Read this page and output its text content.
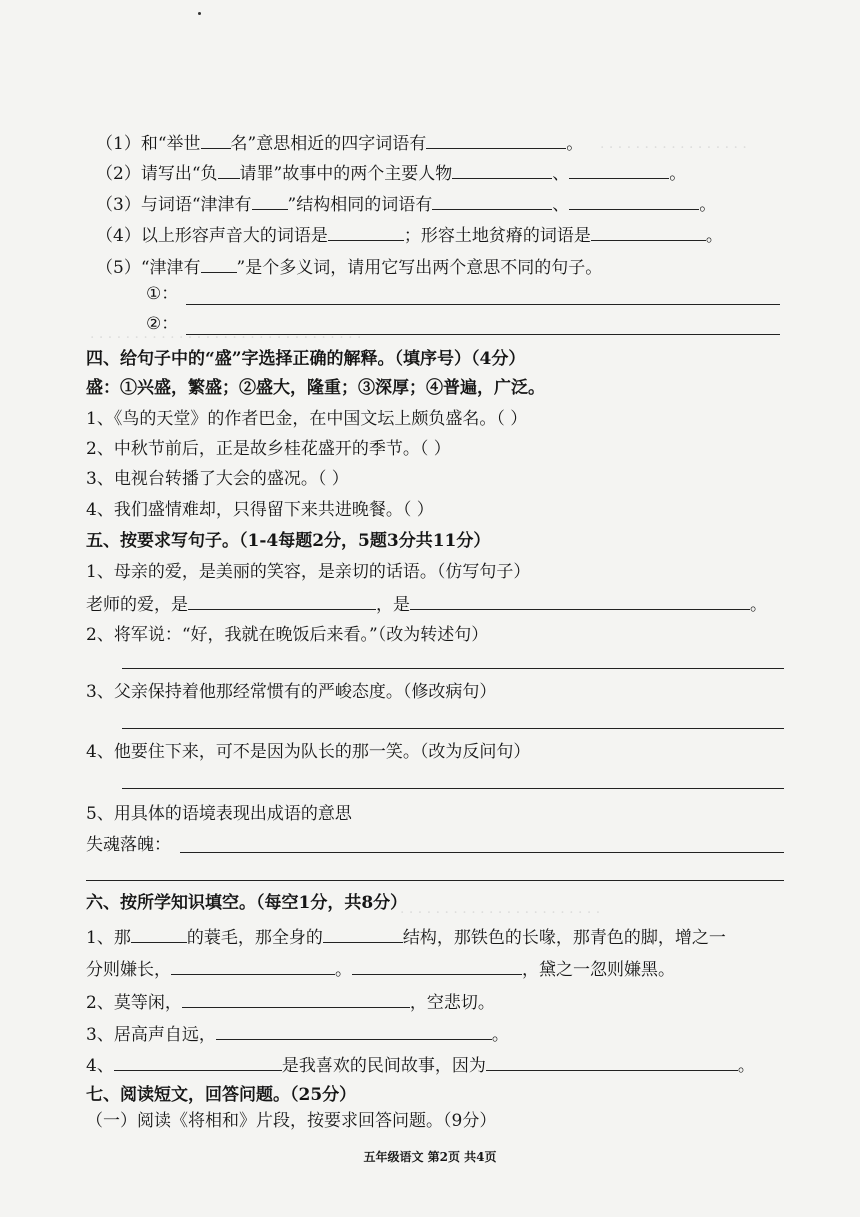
· · · · · · · · · · · · · · · · ·
· · · · · · · · · · · · · · · · · · · · · · · · · · · · · · ·
· · · · · · · · · · · · · · · · · · · · · · ·
（1）和“举世 名”意思相近的四字词语有	。
（2）请写出“负 请罪”故事中的两个主要人物	、	。
（3）与词语“津津有 ”结构相同的词语有	、	。
（4）以上形容声音大的词语是	；形容土地贫瘠的词语是	。
（5）“津津有 ”是个多义词，请用它写出两个意思不同的句子。
①：
②：
四、给句子中的“盛”字选择正确的解释。（填序号）（4分）
盛：①兴盛，繁盛；②盛大，隆重；③深厚；④普遍，广泛。
1、《鸟的天堂》的作者巴金，在中国文坛上颇负盛名。（ ）
2、中秋节前后，正是故乡桂花盛开的季节。（ ）
3、电视台转播了大会的盛况。（ ）
4、我们盛情难却，只得留下来共进晚餐。（ ）
五、按要求写句子。（1-4每题2分，5题3分共11分）
1、母亲的爱，是美丽的笑容，是亲切的话语。（仿写句子）
老师的爱，是	，是	。
2、将军说：“好，我就在晚饭后来看。”（改为转述句）
3、父亲保持着他那经常惯有的严峻态度。（修改病句）
4、他要住下来，可不是因为队长的那一笑。（改为反问句）
5、用具体的语境表现出成语的意思
失魂落魄：
六、按所学知识填空。（每空1分，共8分）
1、那	的蓑毛，那全身的	结构，那铁色的长喙，那青色的脚，增之一
分则嫌长，	。	，黛之一忽则嫌黑。
2、莫等闲，	，空悲切。
3、居高声自远，	。
4、	是我喜欢的民间故事，因为	。
七、阅读短文，回答问题。（25分）
（一）阅读《将相和》片段，按要求回答问题。（9分）
五年级语文 第2页 共4页
